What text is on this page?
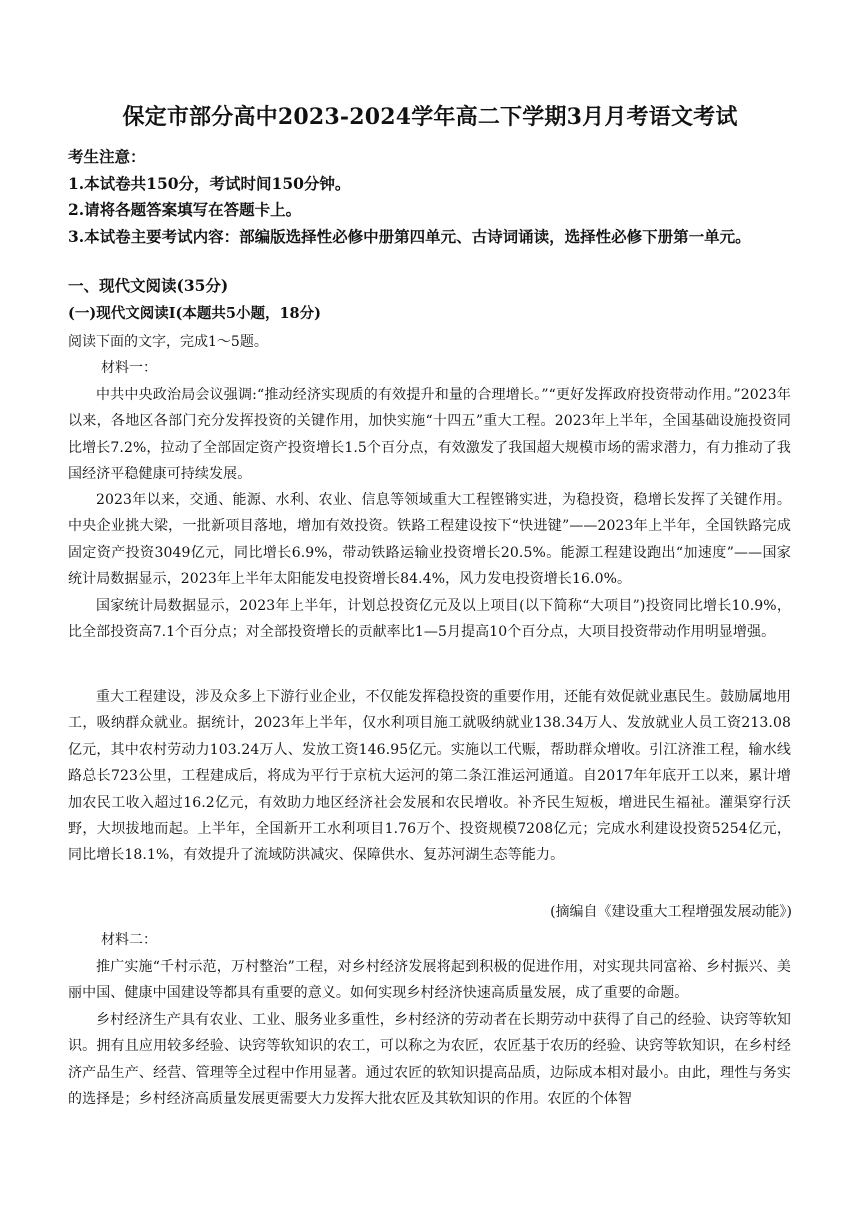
保定市部分高中2023-2024学年高二下学期3月月考语文考试

考生注意：

1.本试卷共150分，考试时间150分钟。

2.请将各题答案填写在答题卡上。

3.本试卷主要考试内容：部编版选择性必修中册第四单元、古诗词诵读，选择性必修下册第一单元。

一、现代文阅读(35分)

(一)现代文阅读Ⅰ(本题共5小题，18分)

阅读下面的文字，完成1～5题。

材料一：

中共中央政治局会议强调:“推动经济实现质的有效提升和量的合理增长。”“更好发挥政府投资带动作用。”2023年以来，各地区各部门充分发挥投资的关键作用，加快实施“十四五”重大工程。2023年上半年，全国基础设施投资同比增长7.2%，拉动了全部固定资产投资增长1.5个百分点，有效激发了我国超大规模市场的需求潜力，有力推动了我国经济平稳健康可持续发展。

2023年以来，交通、能源、水利、农业、信息等领域重大工程铿锵实进，为稳投资，稳增长发挥了关键作用。中央企业挑大梁，一批新项目落地，增加有效投资。铁路工程建设按下“快进键”——2023年上半年，全国铁路完成固定资产投资3049亿元，同比增长6.9%，带动铁路运输业投资增长20.5%。能源工程建设跑出“加速度”——国家统计局数据显示，2023年上半年太阳能发电投资增长84.4%，风力发电投资增长16.0%。

国家统计局数据显示，2023年上半年，计划总投资亿元及以上项目(以下简称“大项目”)投资同比增长10.9%，比全部投资高7.1个百分点；对全部投资增长的贡献率比1—5月提高10个百分点，大项目投资带动作用明显增强。

重大工程建设，涉及众多上下游行业企业，不仅能发挥稳投资的重要作用，还能有效促就业惠民生。鼓励属地用工，吸纳群众就业。据统计，2023年上半年，仅水利项目施工就吸纳就业138.34万人、发放就业人员工资213.08亿元，其中农村劳动力103.24万人、发放工资146.95亿元。实施以工代赈，帮助群众增收。引江济淮工程，输水线路总长723公里，工程建成后，将成为平行于京杭大运河的第二条江淮运河通道。自2017年年底开工以来，累计增加农民工收入超过16.2亿元，有效助力地区经济社会发展和农民增收。补齐民生短板，增进民生福祉。灌渠穿行沃野，大坝拔地而起。上半年，全国新开工水利项目1.76万个、投资规模7208亿元；完成水利建设投资5254亿元，同比增长18.1%，有效提升了流域防洪减灾、保障供水、复苏河湖生态等能力。

(摘编自《建设重大工程增强发展动能》)

材料二：

推广实施“千村示范，万村整治”工程，对乡村经济发展将起到积极的促进作用，对实现共同富裕、乡村振兴、美丽中国、健康中国建设等都具有重要的意义。如何实现乡村经济快速高质量发展，成了重要的命题。

乡村经济生产具有农业、工业、服务业多重性，乡村经济的劳动者在长期劳动中获得了自己的经验、诀窍等软知识。拥有且应用较多经验、诀窍等软知识的农工，可以称之为农匠，农匠基于农历的经验、诀窍等软知识，在乡村经济产品生产、经营、管理等全过程中作用显著。通过农匠的软知识提高品质，边际成本相对最小。由此，理性与务实的选择是；乡村经济高质量发展更需要大力发挥大批农匠及其软知识的作用。农匠的个体智
